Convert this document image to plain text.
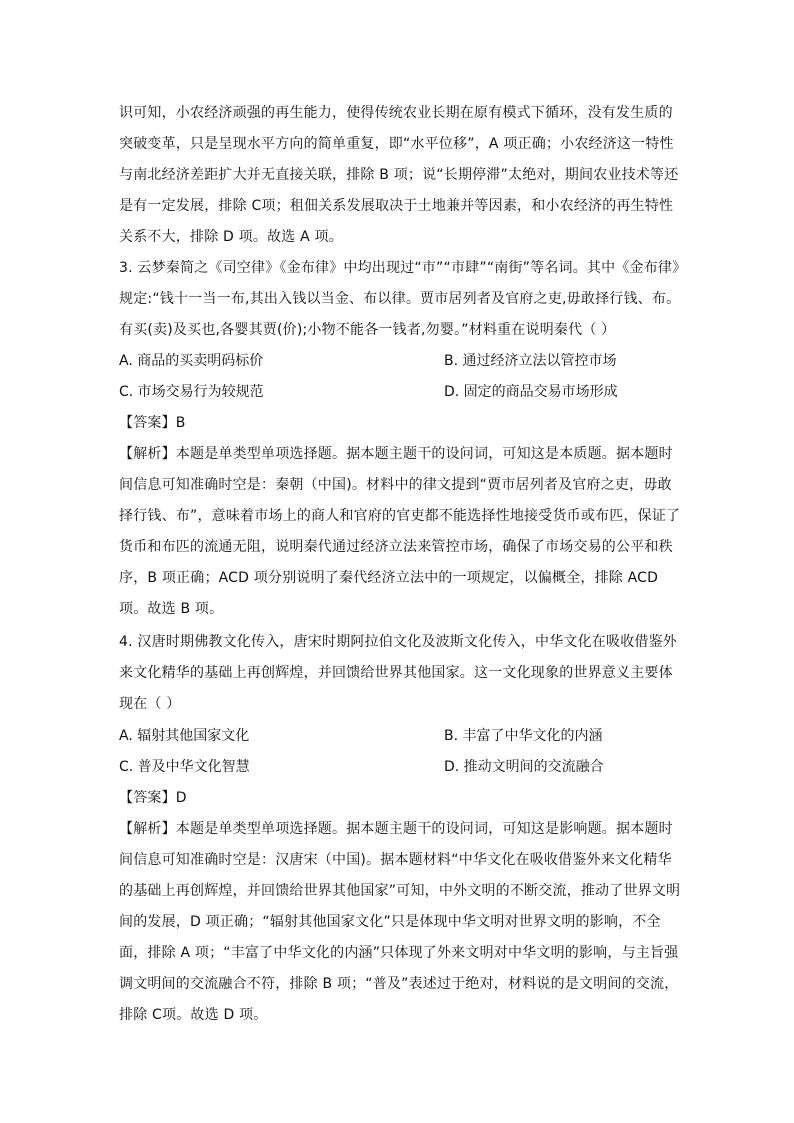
识可知，小农经济顽强的再生能力，使得传统农业长期在原有模式下循环，没有发生质的
突破变革，只是呈现水平方向的简单重复，即“水平位移”，A 项正确；小农经济这一特性
与南北经济差距扩大并无直接关联，排除 B 项；说“长期停滞”太绝对，期间农业技术等还
是有一定发展，排除 C项；租佃关系发展取决于土地兼并等因素，和小农经济的再生特性
关系不大，排除 D 项。故选 A 项。
3. 云梦秦简之《司空律》《金布律》中均出现过“市”“市肆”“南街”等名词。其中《金布律》
规定:“钱十一当一布,其出入钱以当金、布以律。贾市居列者及官府之吏,毋敢择行钱、布。
有买(卖)及买也,各婴其贾(价);小物不能各一钱者,勿婴。”材料重在说明秦代（ ）
A. 商品的买卖明码标价	B. 通过经济立法以管控市场
C. 市场交易行为较规范	D. 固定的商品交易市场形成
【答案】B
【解析】本题是单类型单项选择题。据本题主题干的设问词，可知这是本质题。据本题时
间信息可知准确时空是：秦朝（中国)。材料中的律文提到“贾市居列者及官府之吏，毋敢
择行钱、布”，意味着市场上的商人和官府的官吏都不能选择性地接受货币或布匹，保证了
货币和布匹的流通无阻，说明秦代通过经济立法来管控市场，确保了市场交易的公平和秩
序，B 项正确；ACD 项分别说明了秦代经济立法中的一项规定，以偏概全，排除 ACD
项。故选 B 项。
4. 汉唐时期佛教文化传入，唐宋时期阿拉伯文化及波斯文化传入，中华文化在吸收借鉴外
来文化精华的基础上再创辉煌，并回馈给世界其他国家。这一文化现象的世界意义主要体
现在（ ）
A. 辐射其他国家文化	B. 丰富了中华文化的内涵
C. 普及中华文化智慧	D. 推动文明间的交流融合
【答案】D
【解析】本题是单类型单项选择题。据本题主题干的设问词，可知这是影响题。据本题时
间信息可知准确时空是：汉唐宋（中国)。据本题材料“中华文化在吸收借鉴外来文化精华
的基础上再创辉煌，并回馈给世界其他国家”可知，中外文明的不断交流，推动了世界文明
间的发展，D 项正确；“辐射其他国家文化”只是体现中华文明对世界文明的影响，不全
面，排除 A 项；“丰富了中华文化的内涵”只体现了外来文明对中华文明的影响，与主旨强
调文明间的交流融合不符，排除 B 项；“普及”表述过于绝对，材料说的是文明间的交流，
排除 C项。故选 D 项。
